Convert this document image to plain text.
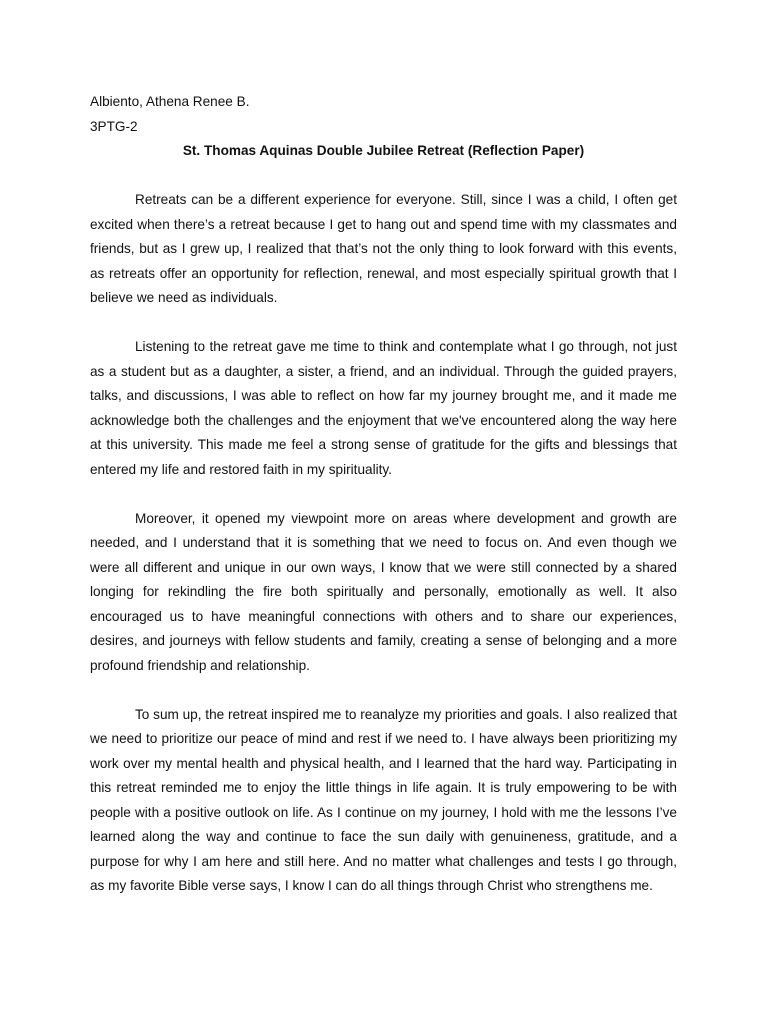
Albiento, Athena Renee B.

3PTG-2

St. Thomas Aquinas Double Jubilee Retreat (Reflection Paper)

Retreats can be a different experience for everyone. Still, since I was a child, I often get excited when there’s a retreat because I get to hang out and spend time with my classmates and friends, but as I grew up, I realized that that’s not the only thing to look forward with this events, as retreats offer an opportunity for reflection, renewal, and most especially spiritual growth that I believe we need as individuals.

Listening to the retreat gave me time to think and contemplate what I go through, not just as a student but as a daughter, a sister, a friend, and an individual. Through the guided prayers, talks, and discussions, I was able to reflect on how far my journey brought me, and it made me acknowledge both the challenges and the enjoyment that we've encountered along the way here at this university. This made me feel a strong sense of gratitude for the gifts and blessings that entered my life and restored faith in my spirituality.

Moreover, it opened my viewpoint more on areas where development and growth are needed, and I understand that it is something that we need to focus on. And even though we were all different and unique in our own ways, I know that we were still connected by a shared longing for rekindling the fire both spiritually and personally, emotionally as well. It also encouraged us to have meaningful connections with others and to share our experiences, desires, and journeys with fellow students and family, creating a sense of belonging and a more profound friendship and relationship.

To sum up, the retreat inspired me to reanalyze my priorities and goals. I also realized that we need to prioritize our peace of mind and rest if we need to. I have always been prioritizing my work over my mental health and physical health, and I learned that the hard way. Participating in this retreat reminded me to enjoy the little things in life again. It is truly empowering to be with people with a positive outlook on life. As I continue on my journey, I hold with me the lessons I’ve learned along the way and continue to face the sun daily with genuineness, gratitude, and a purpose for why I am here and still here. And no matter what challenges and tests I go through, as my favorite Bible verse says, I know I can do all things through Christ who strengthens me.
